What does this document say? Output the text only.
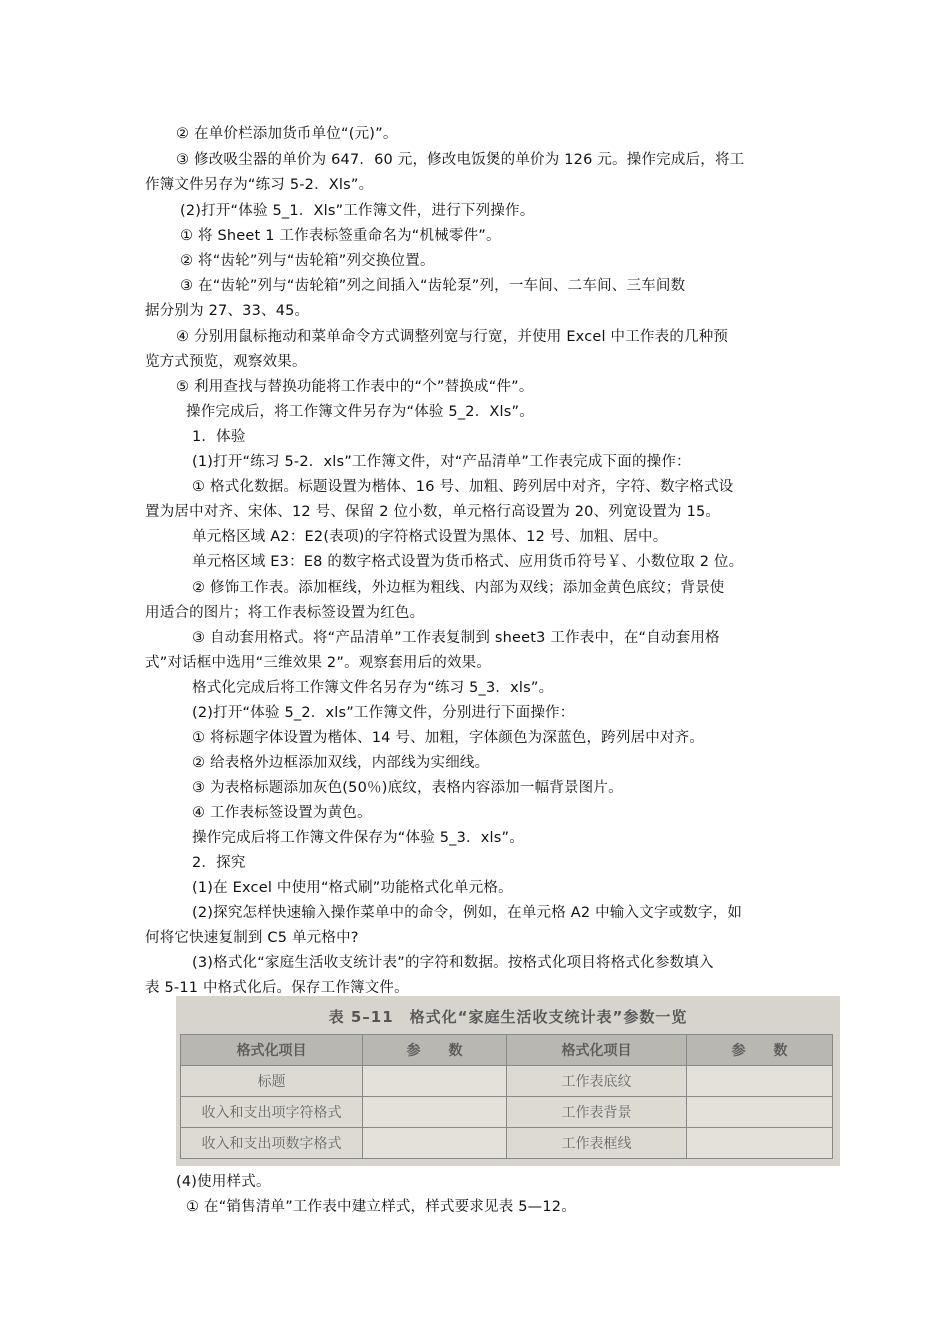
② 在单价栏添加货币单位“(元)”。
③ 修改吸尘器的单价为 647．60 元，修改电饭煲的单价为 126 元。操作完成后，将工
作簿文件另存为“练习 5-2．Xls”。
(2)打开“体验 5_1．Xls”工作簿文件，进行下列操作。
① 将 Sheet 1 工作表标签重命名为“机械零件”。
② 将“齿轮”列与“齿轮箱”列交换位置。
③ 在“齿轮”列与“齿轮箱”列之间插入“齿轮泵”列，一车间、二车间、三车间数
据分别为 27、33、45。
④ 分别用鼠标拖动和菜单命令方式调整列宽与行宽，并使用 Excel 中工作表的几种预
览方式预览，观察效果。
⑤ 利用查找与替换功能将工作表中的“个”替换成“件”。
操作完成后，将工作簿文件另存为“体验 5_2．Xls”。
1．体验
(1)打开“练习 5-2．xls”工作簿文件，对“产品清单”工作表完成下面的操作：
① 格式化数据。标题设置为楷体、16 号、加粗、跨列居中对齐，字符、数字格式设
置为居中对齐、宋体、12 号、保留 2 位小数，单元格行高设置为 20、列宽设置为 15。
单元格区域 A2：E2(表项)的字符格式设置为黑体、12 号、加粗、居中。
单元格区域 E3：E8 的数字格式设置为货币格式、应用货币符号￥、小数位取 2 位。
② 修饰工作表。添加框线，外边框为粗线、内部为双线；添加金黄色底纹；背景使
用适合的图片；将工作表标签设置为红色。
③ 自动套用格式。将“产品清单”工作表复制到 sheet3 工作表中，在“自动套用格
式”对话框中选用“三维效果 2”。观察套用后的效果。
格式化完成后将工作簿文件名另存为“练习 5_3．xls”。
(2)打开“体验 5_2．xls”工作簿文件，分别进行下面操作：
① 将标题字体设置为楷体、14 号、加粗，字体颜色为深蓝色，跨列居中对齐。
② 给表格外边框添加双线，内部线为实细线。
③ 为表格标题添加灰色(50％)底纹，表格内容添加一幅背景图片。
④ 工作表标签设置为黄色。
操作完成后将工作簿文件保存为“体验 5_3．xls”。
2．探究
(1)在 Excel 中使用“格式刷”功能格式化单元格。
(2)探究怎样快速输入操作菜单中的命令，例如，在单元格 A2 中输入文字或数字，如
何将它快速复制到 C5 单元格中?
(3)格式化“家庭生活收支统计表”的字符和数据。按格式化项目将格式化参数填入
表 5-11 中格式化后。保存工作簿文件。
表 5–11　格式化“家庭生活收支统计表”参数一览
格式化项目	参　　数	格式化项目	参　　数
标题		工作表底纹	
收入和支出项字符格式		工作表背景	
收入和支出项数字格式		工作表框线	
(4)使用样式。
① 在“销售清单”工作表中建立样式，样式要求见表 5—12。
